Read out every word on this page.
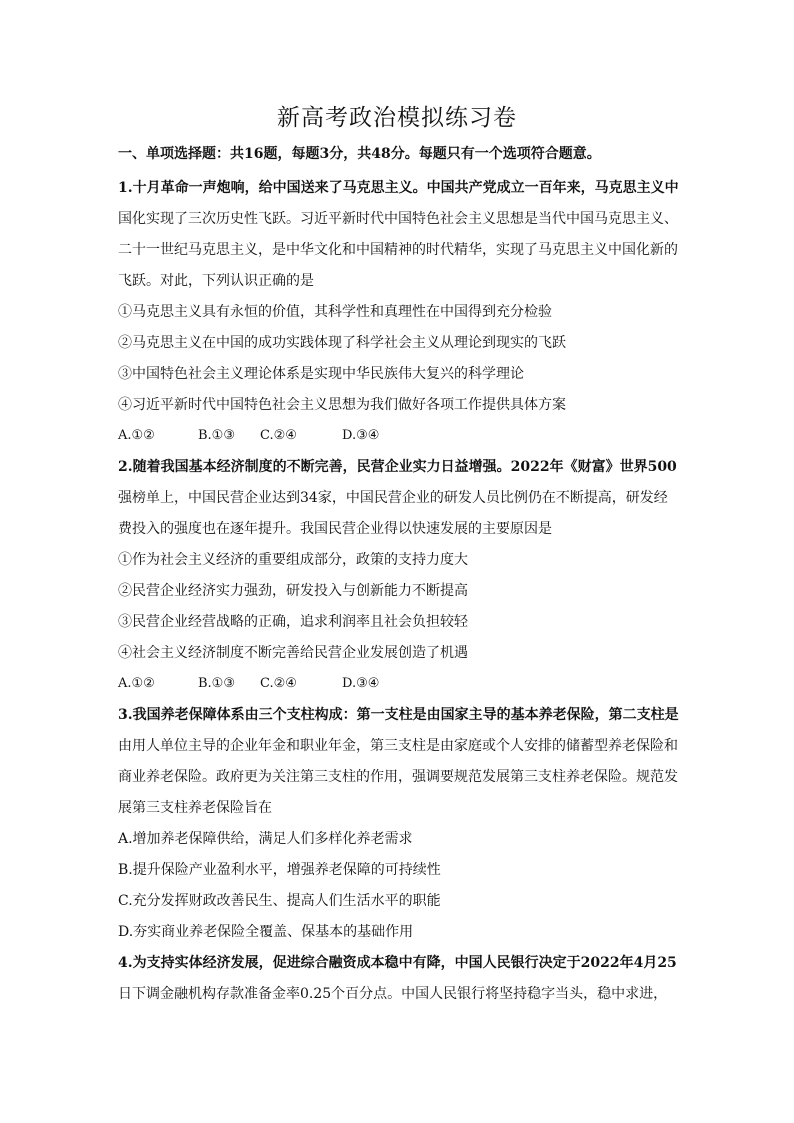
新高考政治模拟练习卷
一、单项选择题：共16题，每题3分，共48分。每题只有一个选项符合题意。
1.十月革命一声炮响，给中国送来了马克思主义。中国共产党成立一百年来，马克思主义中
国化实现了三次历史性飞跃。习近平新时代中国特色社会主义思想是当代中国马克思主义、
二十一世纪马克思主义，是中华文化和中国精神的时代精华，实现了马克思主义中国化新的
飞跃。对此，下列认识正确的是
①马克思主义具有永恒的价值，其科学性和真理性在中国得到充分检验
②马克思主义在中国的成功实践体现了科学社会主义从理论到现实的飞跃
③中国特色社会主义理论体系是实现中华民族伟大复兴的科学理论
④习近平新时代中国特色社会主义思想为我们做好各项工作提供具体方案
A.①②	B.①③ C.②④	D.③④
2.随着我国基本经济制度的不断完善，民营企业实力日益增强。2022年《财富》世界500
强榜单上，中国民营企业达到34家，中国民营企业的研发人员比例仍在不断提高，研发经
费投入的强度也在逐年提升。我国民营企业得以快速发展的主要原因是
①作为社会主义经济的重要组成部分，政策的支持力度大
②民营企业经济实力强劲，研发投入与创新能力不断提高
③民营企业经营战略的正确，追求利润率且社会负担较轻
④社会主义经济制度不断完善给民营企业发展创造了机遇
A.①②	B.①③ C.②④	D.③④
3.我国养老保障体系由三个支柱构成：第一支柱是由国家主导的基本养老保险，第二支柱是
由用人单位主导的企业年金和职业年金，第三支柱是由家庭或个人安排的储蓄型养老保险和
商业养老保险。政府更为关注第三支柱的作用，强调要规范发展第三支柱养老保险。规范发
展第三支柱养老保险旨在
A.增加养老保障供给，满足人们多样化养老需求
B.提升保险产业盈利水平，增强养老保障的可持续性
C.充分发挥财政改善民生、提高人们生活水平的职能
D.夯实商业养老保险全覆盖、保基本的基础作用
4.为支持实体经济发展，促进综合融资成本稳中有降，中国人民银行决定于2022年4月25
日下调金融机构存款准备金率0.25个百分点。中国人民银行将坚持稳字当头，稳中求进，
